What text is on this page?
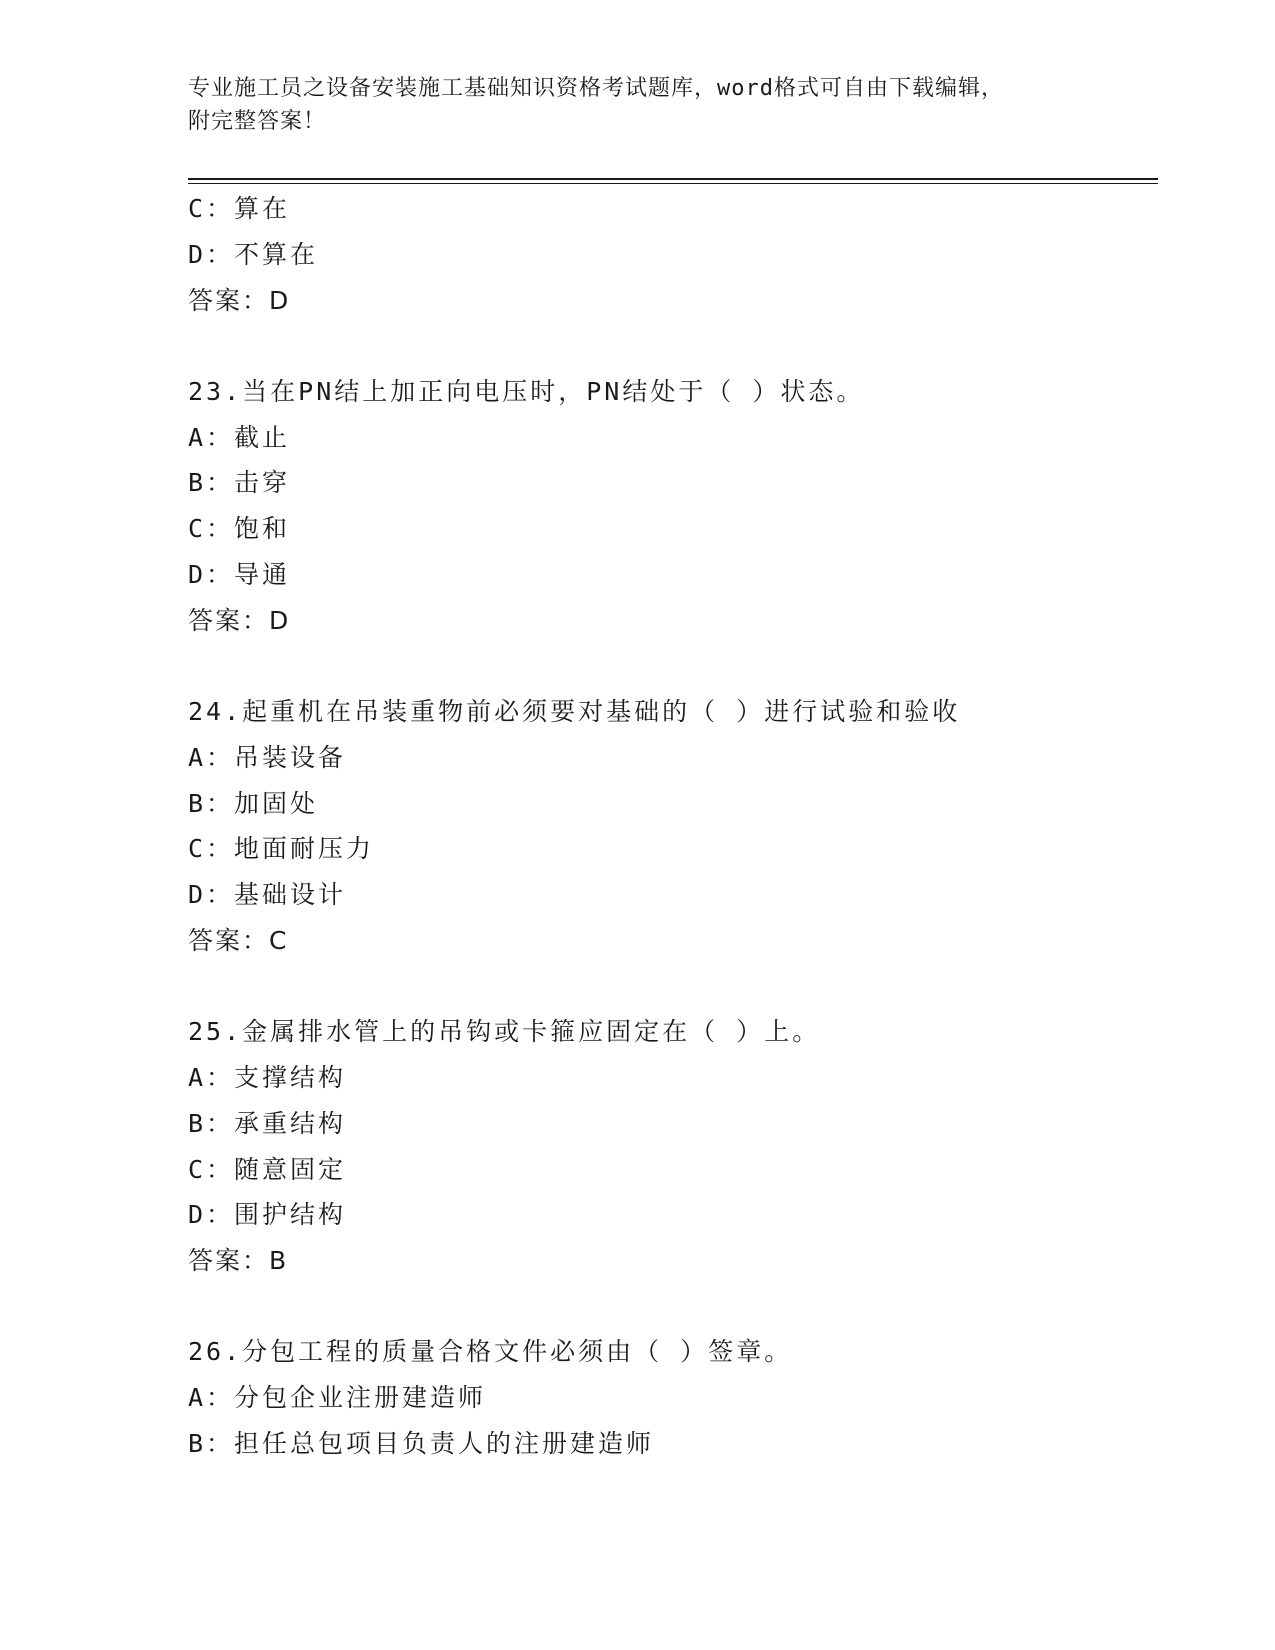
专业施工员之设备安装施工基础知识资格考试题库，word格式可自由下载编辑，
附完整答案！
C：算在
D：不算在
答案：D
23.当在PN结上加正向电压时，PN结处于（ ）状态。
A：截止
B：击穿
C：饱和
D：导通
答案：D
24.起重机在吊装重物前必须要对基础的（ ）进行试验和验收
A：吊装设备
B：加固处
C：地面耐压力
D：基础设计
答案：C
25.金属排水管上的吊钩或卡箍应固定在（ ）上。
A：支撑结构
B：承重结构
C：随意固定
D：围护结构
答案：B
26.分包工程的质量合格文件必须由（ ）签章。
A：分包企业注册建造师
B：担任总包项目负责人的注册建造师
